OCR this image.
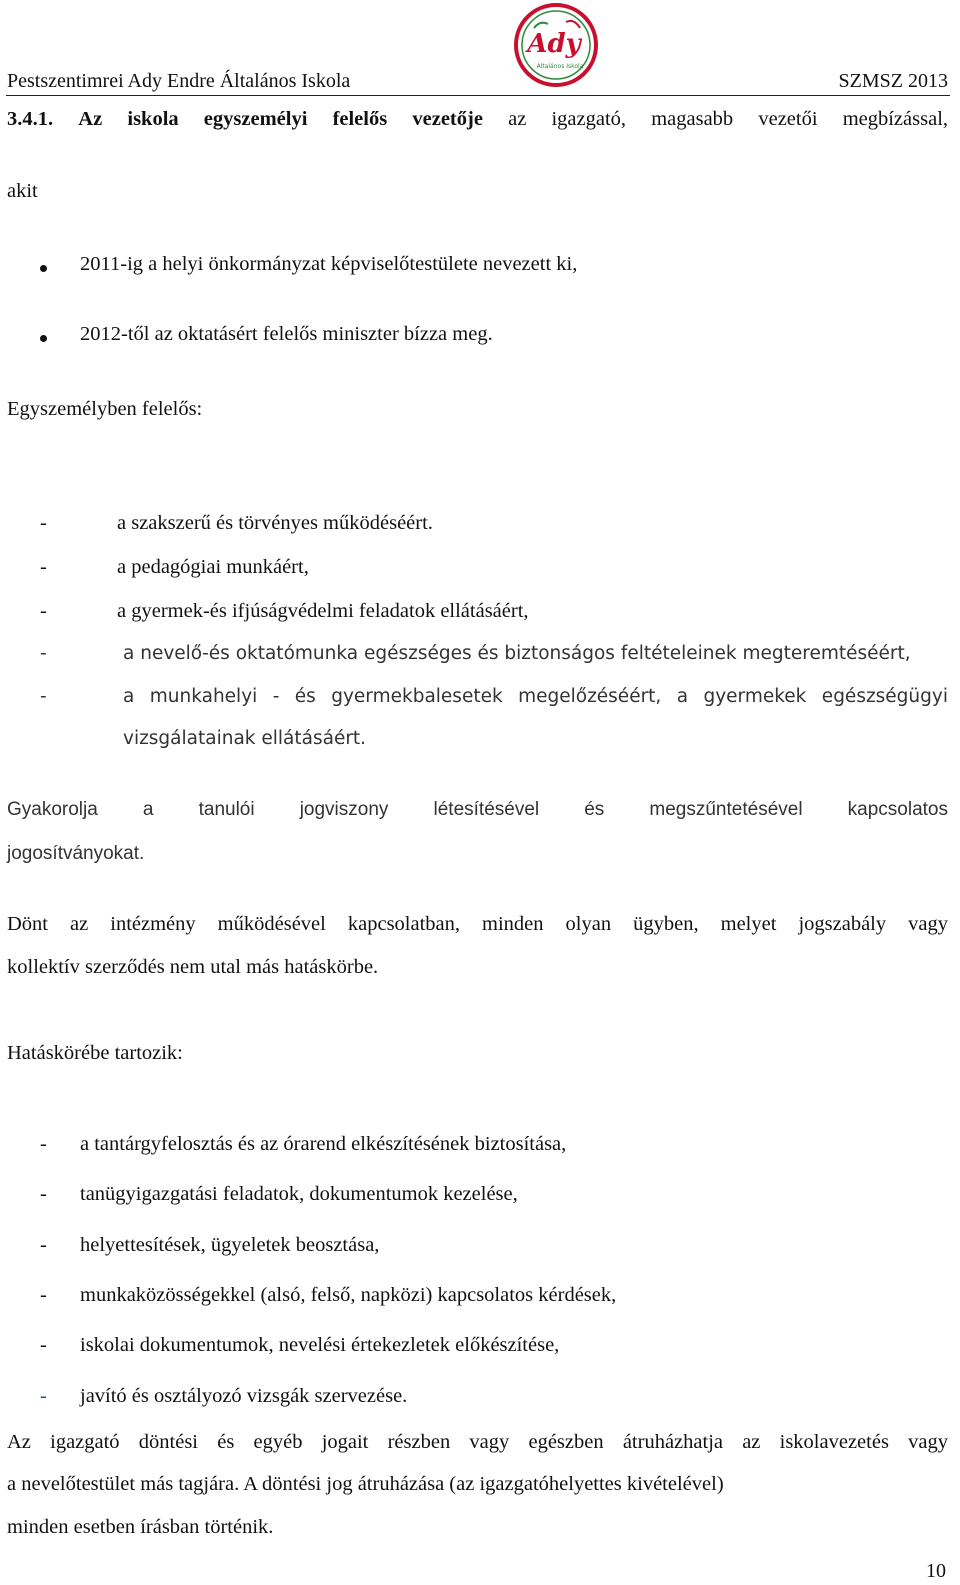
Pestszentimrei Ady Endre Általános Iskola
Ady
Általános Iskola
SZMSZ 2013
3.4.1. Az iskola egyszemélyi felelős vezetője az igazgató, magasabb vezetői megbízással,
akit
2011-ig a helyi önkormányzat képviselőtestülete nevezett ki,
2012-től az oktatásért felelős miniszter bízza meg.
Egyszemélyben felelős:
-	a szakszerű és törvényes működéséért.
-	a pedagógiai munkáért,
-	a gyermek-és ifjúságvédelmi feladatok ellátásáért,
-	a nevelő-és oktatómunka egészséges és biztonságos feltételeinek megteremtéséért,
-	a munkahelyi - és gyermekbalesetek megelőzéséért, a gyermekek egészségügyi
vizsgálatainak ellátásáért.
Gyakorolja a tanulói jogviszony létesítésével és megszűntetésével kapcsolatos
jogosítványokat.
Dönt az intézmény működésével kapcsolatban, minden olyan ügyben, melyet jogszabály vagy
kollektív szerződés nem utal más hatáskörbe.
Hatáskörébe tartozik:
- a tantárgyfelosztás és az órarend elkészítésének biztosítása,
- tanügyigazgatási feladatok, dokumentumok kezelése,
- helyettesítések, ügyeletek beosztása,
- munkaközösségekkel (alsó, felső, napközi) kapcsolatos kérdések,
- iskolai dokumentumok, nevelési értekezletek előkészítése,
- javító és osztályozó vizsgák szervezése.
Az igazgató döntési és egyéb jogait részben vagy egészben átruházhatja az iskolavezetés vagy
a nevelőtestület más tagjára. A döntési jog átruházása (az igazgatóhelyettes kivételével)
minden esetben írásban történik.
10
